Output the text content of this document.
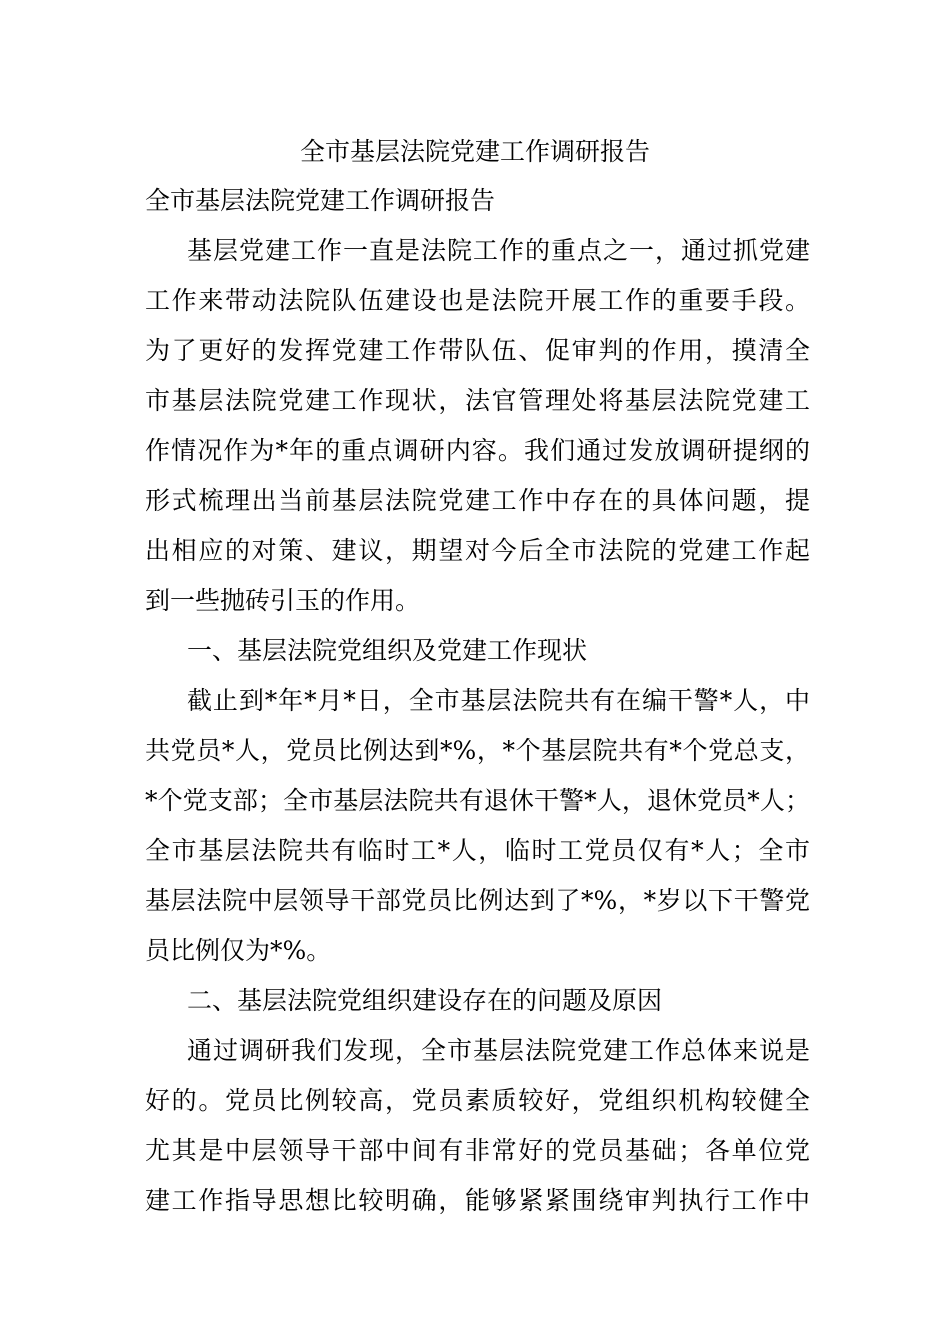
全市基层法院党建工作调研报告
全市基层法院党建工作调研报告
基层党建工作一直是法院工作的重点之一，通过抓党建
工作来带动法院队伍建设也是法院开展工作的重要手段。
为了更好的发挥党建工作带队伍、促审判的作用，摸清全
市基层法院党建工作现状，法官管理处将基层法院党建工
作情况作为*年的重点调研内容。我们通过发放调研提纲的
形式梳理出当前基层法院党建工作中存在的具体问题，提
出相应的对策、建议，期望对今后全市法院的党建工作起
到一些抛砖引玉的作用。
一、基层法院党组织及党建工作现状
截止到*年*月*日，全市基层法院共有在编干警*人，中
共党员*人，党员比例达到*%，*个基层院共有*个党总支，
*个党支部；全市基层法院共有退休干警*人，退休党员*人；
全市基层法院共有临时工*人，临时工党员仅有*人；全市
基层法院中层领导干部党员比例达到了*%，*岁以下干警党
员比例仅为*%。
二、基层法院党组织建设存在的问题及原因
通过调研我们发现，全市基层法院党建工作总体来说是
好的。党员比例较高，党员素质较好，党组织机构较健全
尤其是中层领导干部中间有非常好的党员基础；各单位党
建工作指导思想比较明确，能够紧紧围绕审判执行工作中
